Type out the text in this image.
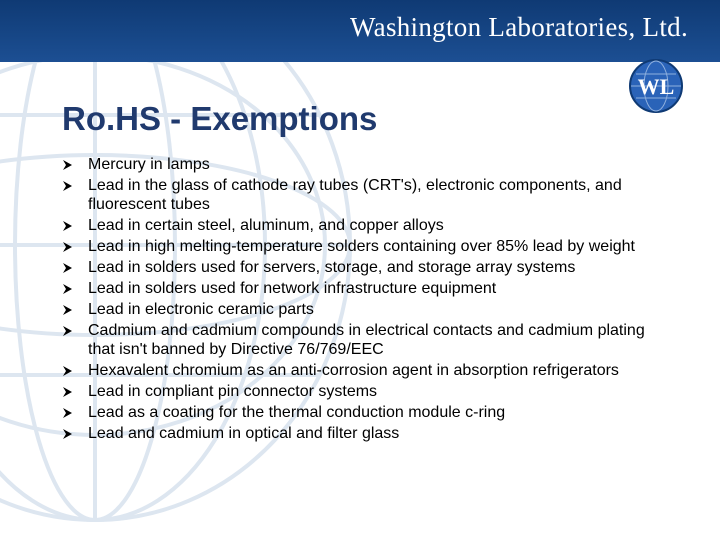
Washington Laboratories, Ltd.
WL
Ro.HS - Exemptions
Mercury in lamps
Lead in the glass of cathode ray tubes (CRT's), electronic components, and fluorescent tubes
Lead in certain steel, aluminum, and copper alloys
Lead in high melting-temperature solders containing over 85% lead by weight
Lead in solders used for servers, storage, and storage array systems
Lead in solders used for network infrastructure equipment
Lead in electronic ceramic parts
Cadmium and cadmium compounds in electrical contacts and cadmium plating that isn't banned by Directive 76/769/EEC
Hexavalent chromium as an anti-corrosion agent in absorption refrigerators
Lead in compliant pin connector systems
Lead as a coating for the thermal conduction module c-ring
Lead and cadmium in optical and filter glass
